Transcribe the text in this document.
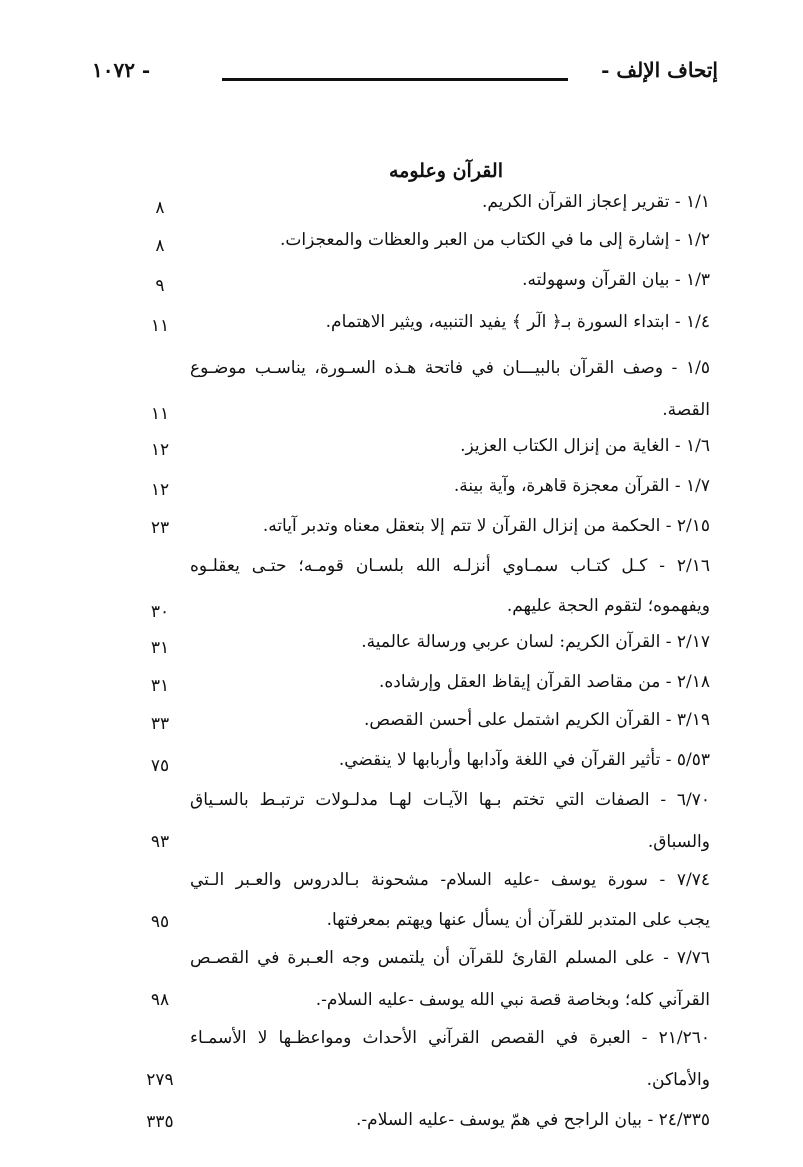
إتحاف الإلف -
- ١٠٧٢
القرآن وعلومه
١/١ - تقرير إعجاز القرآن الكريم.
٨
١/٢ - إشارة إلى ما في الكتاب من العبر والعظات والمعجزات.
٨
١/٣ - بيان القرآن وسهولته.
٩
١/٤ - ابتداء السورة بـ﴿ الٓر ﴾ يفيد التنبيه، ويثير الاهتمام.
١١
١/٥ - وصف القرآن بالبيـــان في فاتحة هـذه السـورة، يناسـب موضـوع
القصة.
١١
١/٦ - الغاية من إنزال الكتاب العزيز.
١٢
١/٧ - القرآن معجزة قاهرة، وآية بينة.
١٢
٢/١٥ - الحكمة من إنزال القرآن لا تتم إلا بتعقل معناه وتدبر آياته.
٢٣
٢/١٦ - كـل كتـاب سمـاوي أنزلـه الله بلسـان قومـه؛ حتـى يعقلـوه
ويفهموه؛ لتقوم الحجة عليهم.
٣٠
٢/١٧ - القرآن الكريم: لسان عربي ورسالة عالمية.
٣١
٢/١٨ - من مقاصد القرآن إيقاظ العقل وإرشاده.
٣١
٣/١٩ - القرآن الكريم اشتمل على أحسن القصص.
٣٣
٥/٥٣ - تأثير القرآن في اللغة وآدابها وأربابها لا ينقضي.
٧٥
٦/٧٠ - الصفات التي تختم بـها الآيـات لهـا مدلـولات ترتبـط بالسـياق
والسباق.
٩٣
٧/٧٤ - سورة يوسف -عليه السلام- مشحونة بـالدروس والعـبر الـتي
يجب على المتدبر للقرآن أن يسأل عنها ويهتم بمعرفتها.
٩٥
٧/٧٦ - على المسلم القارئ للقرآن أن يلتمس وجه العـبرة في القصـص
القرآني كله؛ وبخاصة قصة نبي الله يوسف -عليه السلام-.
٩٨
٢١/٢٦٠ - العبرة في القصص القرآني الأحداث ومواعظـها لا الأسمـاء
والأماكن.
٢٧٩
٢٤/٣٣٥ - بيان الراجح في همّ يوسف -عليه السلام-.
٣٣٥
